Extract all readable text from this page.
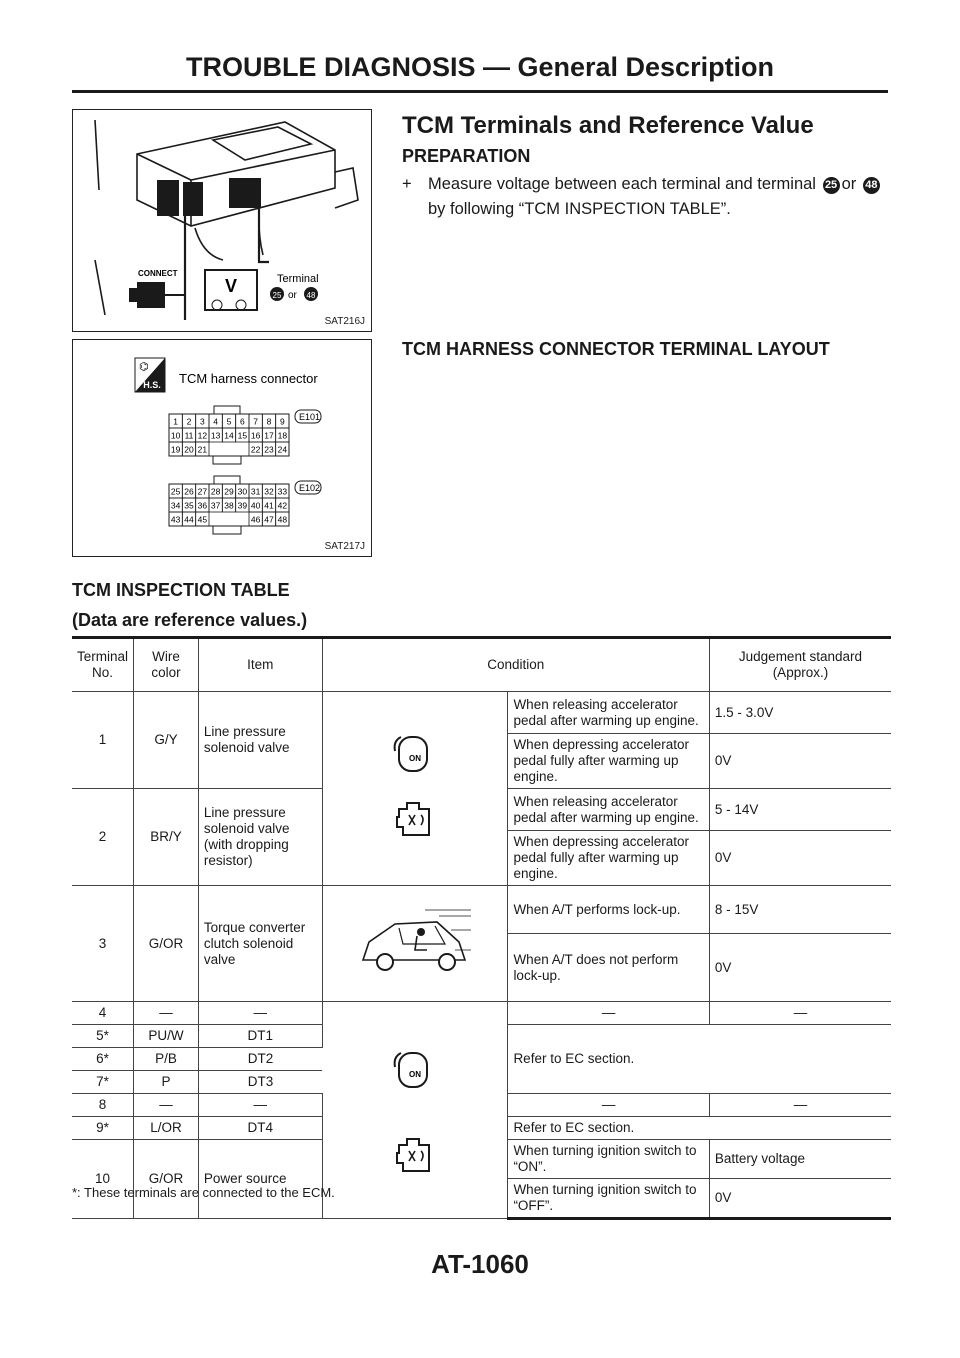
TROUBLE DIAGNOSIS — General Description
V
CONNECT	Terminal
25 or 48
SAT216J
⌬
H.S. TCM harness connector
1 2 3 4 5 6 7 8 9
10 11 12 13 14 15 16 17 18
19 20 21	22 23 24
E101
25 26 27 28 29 30 31 32 33
34 35 36 37 38 39 40 41 42
43 44 45	46 47 48
E102
SAT217J
TCM Terminals and Reference Value
PREPARATION
+ Measure voltage between each terminal and terminal 25 or 48 by following “TCM INSPECTION TABLE”.
TCM HARNESS CONNECTOR TERMINAL LAYOUT
TCM INSPECTION TABLE
(Data are reference values.)
Terminal No.	Wire color	Item	Condition		Judgement standard (Approx.)
1	G/Y	Line pressure solenoid valve	ON	When releasing accelerator pedal after warming up engine.	1.5 - 3.0V
				When depressing accelerator pedal fully after warming up engine.	0V
2	BR/Y	Line pressure solenoid valve (with dropping resistor)		When releasing accelerator pedal after warming up engine.	5 - 14V
				When depressing accelerator pedal fully after warming up engine.	0V
3	G/OR	Torque converter clutch solenoid valve		When A/T performs lock-up.	8 - 15V
				When A/T does not perform lock-up.	0V
4	—	—	ON	—	—
5*	PU/W	DT1		Refer to EC section.	
6*	P/B	DT2			
7*	P	DT3			
8	—	—		—	—
9*	L/OR	DT4		Refer to EC section.	
10	G/OR	Power source		When turning ignition switch to “ON”.	Battery voltage
				When turning ignition switch to “OFF”.	0V
*: These terminals are connected to the ECM.
AT-1060
